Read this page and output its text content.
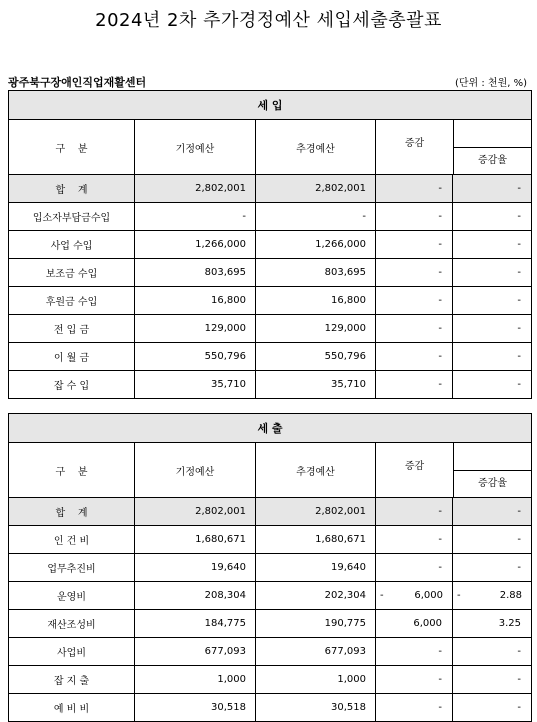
2024년 2차 추가경정예산 세입세출총괄표
광주북구장애인직업재활센터	(단위 : 천원, %)
세 입				
구    분	기정예산	추경예산	증감
증감율	

합    계	2,802,001	2,802,001	-	-
입소자부담금수입	-	-	-	-
사업 수입	1,266,000	1,266,000	-	-
보조금 수입	803,695	803,695	-	-
후원금 수입	16,800	16,800	-	-
전 입 금	129,000	129,000	-	-
이 월 금	550,796	550,796	-	-
잡 수 입	35,710	35,710	-	-
세 출				
구    분	기정예산	추경예산	증감
증감율	

합    계	2,802,001	2,802,001	-	-
인 건 비	1,680,671	1,680,671	-	-
업무추진비	19,640	19,640	-	-
운영비	208,304	202,304	- 6,000	- 2.88

재산조성비	184,775	190,775	6,000	3.25
사업비	677,093	677,093	-	-
잡 지 출	1,000	1,000	-	-
예 비 비	30,518	30,518	-	-
